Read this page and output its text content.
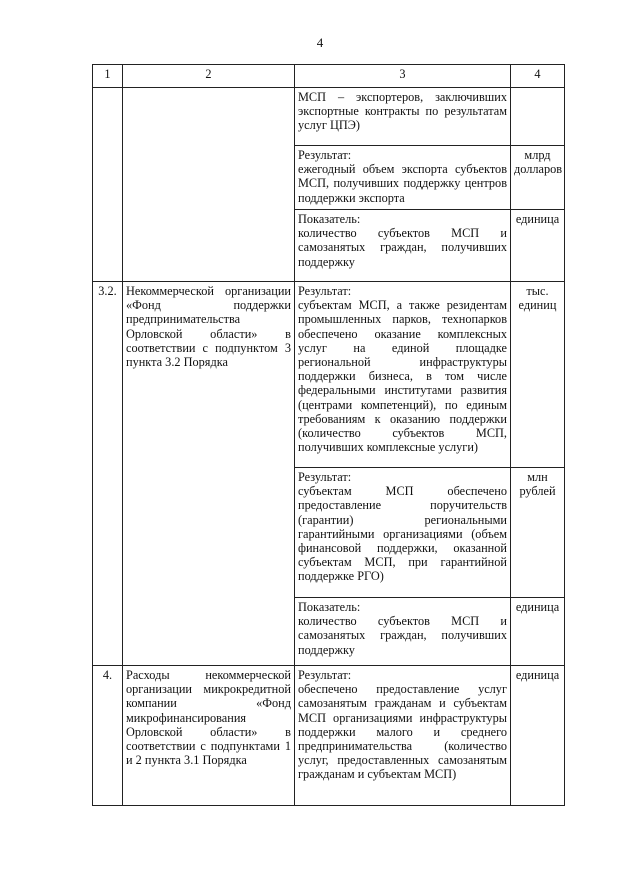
4
1	2	3	4
		МСП – экспортеров, заключивших экспортные контракты по результатам услуг ЦПЭ)	
		Результат:
ежегодный объем экспорта субъектов МСП, получивших поддержку центров поддержки экспорта	млрд долларов
		Показатель:
количество субъектов МСП и самозанятых граждан, получивших поддержку	единица
3.2.	Некоммерческой организации «Фонд поддержки предпринимательства Орловской области» в соответствии с подпунктом 3 пункта 3.2 Порядка	Результат:
субъектам МСП, а также резидентам промышленных парков, технопарков обеспечено оказание комплексных услуг на единой площадке региональной инфраструктуры поддержки бизнеса, в том числе федеральными институтами развития (центрами компетенций), по единым требованиям к оказанию поддержки (количество субъектов МСП, получивших комплексные услуги)	тыс. единиц
		Результат:
субъектам МСП обеспечено предоставление поручительств (гарантии) региональными гарантийными организациями (объем финансовой поддержки, оказанной субъектам МСП, при гарантийной поддержке РГО)	млн рублей
		Показатель:
количество субъектов МСП и самозанятых граждан, получивших поддержку	единица
4.	Расходы некоммерческой организации микрокредитной компании «Фонд микрофинансирования Орловской области» в соответствии с подпунктами 1 и 2 пункта 3.1 Порядка	Результат:
обеспечено предоставление услуг самозанятым гражданам и субъектам МСП организациями инфраструктуры поддержки малого и среднего предпринимательства (количество услуг, предоставленных самозанятым гражданам и субъектам МСП)	единица
